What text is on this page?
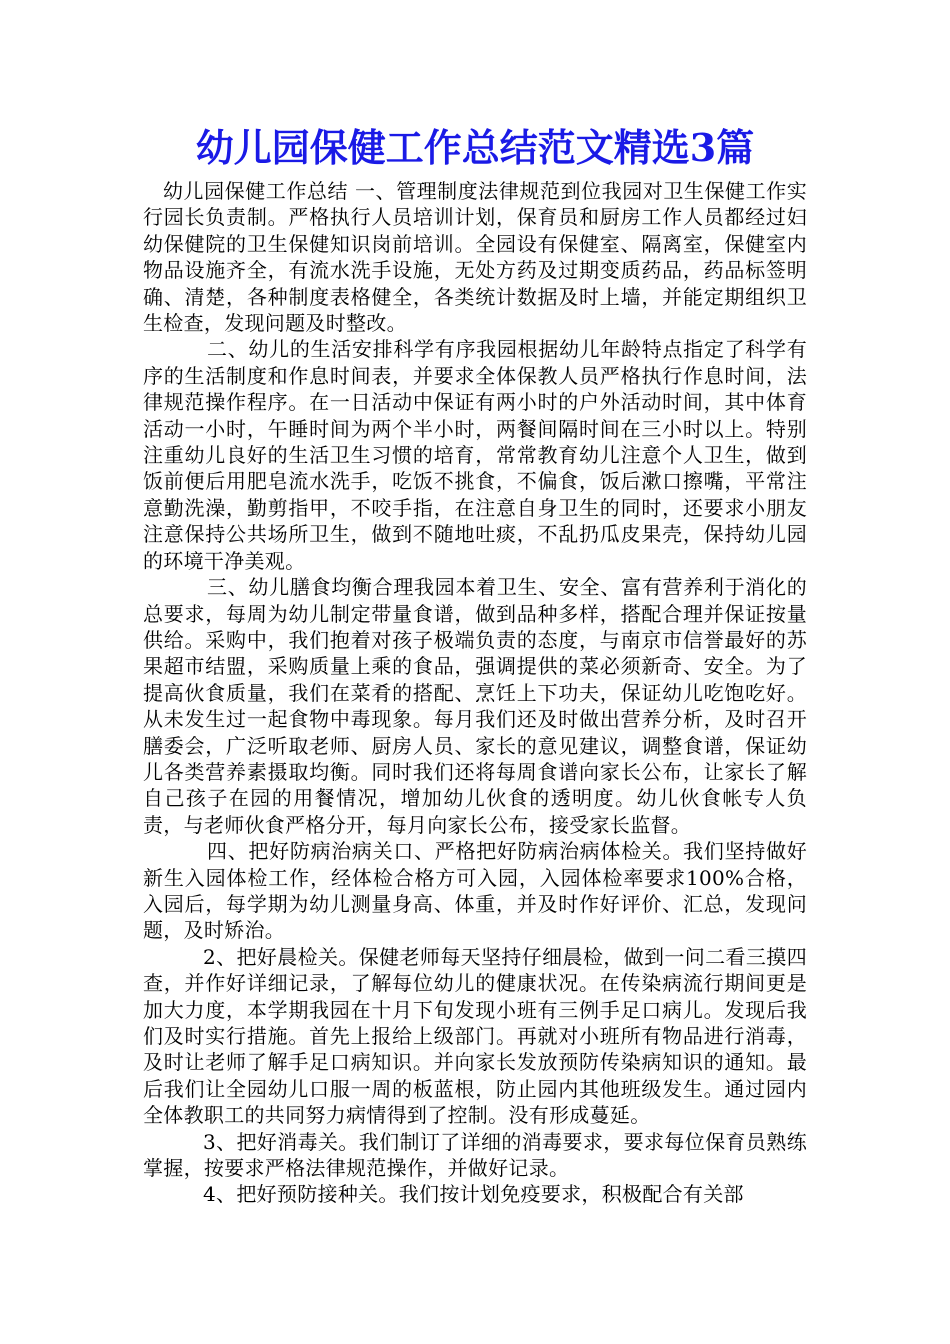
幼儿园保健工作总结范文精选3篇

幼儿园保健工作总结 一、管理制度法律规范到位我园对卫生保健工作实行园长负责制。严格执行人员培训计划，保育员和厨房工作人员都经过妇幼保健院的卫生保健知识岗前培训。全园设有保健室、隔离室，保健室内物品设施齐全，有流水洗手设施，无处方药及过期变质药品，药品标签明确、清楚，各种制度表格健全，各类统计数据及时上墙，并能定期组织卫生检查，发现问题及时整改。

二、幼儿的生活安排科学有序我园根据幼儿年龄特点指定了科学有序的生活制度和作息时间表，并要求全体保教人员严格执行作息时间，法律规范操作程序。在一日活动中保证有两小时的户外活动时间，其中体育活动一小时，午睡时间为两个半小时，两餐间隔时间在三小时以上。特别注重幼儿良好的生活卫生习惯的培育，常常教育幼儿注意个人卫生，做到饭前便后用肥皂流水洗手，吃饭不挑食，不偏食，饭后漱口擦嘴，平常注意勤洗澡，勤剪指甲，不咬手指，在注意自身卫生的同时，还要求小朋友注意保持公共场所卫生，做到不随地吐痰，不乱扔瓜皮果壳，保持幼儿园的环境干净美观。

三、幼儿膳食均衡合理我园本着卫生、安全、富有营养利于消化的总要求，每周为幼儿制定带量食谱，做到品种多样，搭配合理并保证按量供给。采购中，我们抱着对孩子极端负责的态度，与南京市信誉最好的苏果超市结盟，采购质量上乘的食品，强调提供的菜必须新奇、安全。为了提高伙食质量，我们在菜肴的搭配、烹饪上下功夫，保证幼儿吃饱吃好。从未发生过一起食物中毒现象。每月我们还及时做出营养分析，及时召开膳委会，广泛听取老师、厨房人员、家长的意见建议，调整食谱，保证幼儿各类营养素摄取均衡。同时我们还将每周食谱向家长公布，让家长了解自己孩子在园的用餐情况，增加幼儿伙食的透明度。幼儿伙食帐专人负责，与老师伙食严格分开，每月向家长公布，接受家长监督。

四、把好防病治病关口、严格把好防病治病体检关。我们坚持做好新生入园体检工作，经体检合格方可入园，入园体检率要求100%合格，入园后，每学期为幼儿测量身高、体重，并及时作好评价、汇总，发现问题，及时矫治。

2、把好晨检关。保健老师每天坚持仔细晨检，做到一问二看三摸四查，并作好详细记录，了解每位幼儿的健康状况。在传染病流行期间更是加大力度，本学期我园在十月下旬发现小班有三例手足口病儿。发现后我们及时实行措施。首先上报给上级部门。再就对小班所有物品进行消毒，及时让老师了解手足口病知识。并向家长发放预防传染病知识的通知。最后我们让全园幼儿口服一周的板蓝根，防止园内其他班级发生。通过园内全体教职工的共同努力病情得到了控制。没有形成蔓延。

3、把好消毒关。我们制订了详细的消毒要求，要求每位保育员熟练掌握，按要求严格法律规范操作，并做好记录。

4、把好预防接种关。我们按计划免疫要求，积极配合有关部
